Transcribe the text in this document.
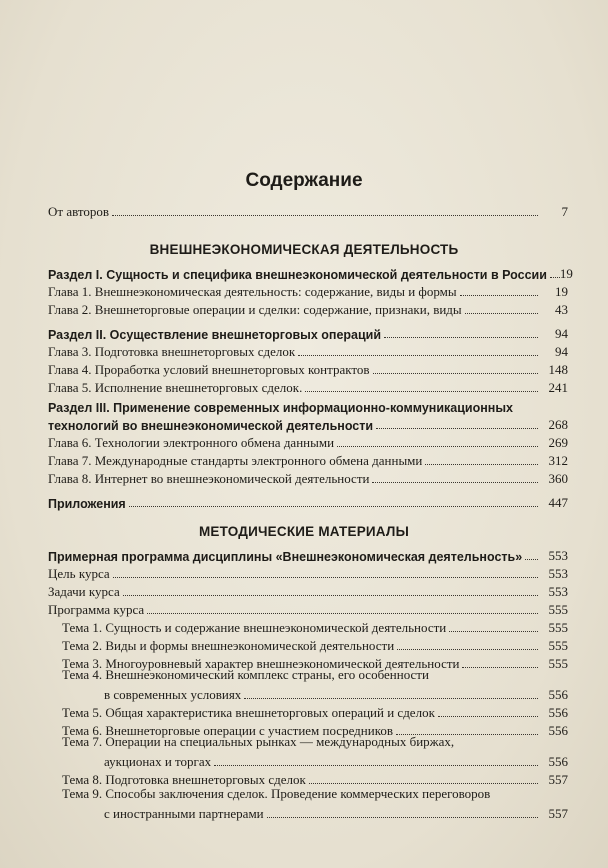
Содержание
От авторов	7
ВНЕШНЕЭКОНОМИЧЕСКАЯ ДЕЯТЕЛЬНОСТЬ
Раздел I. Сущность и специфика внешнеэкономической деятельности в России 19
Глава 1. Внешнеэкономическая деятельность: содержание, виды и формы	19
Глава 2. Внешнеторговые операции и сделки: содержание, признаки, виды	43
Раздел II. Осуществление внешнеторговых операций	94
Глава 3. Подготовка внешнеторговых сделок	94
Глава 4. Проработка условий внешнеторговых контрактов	148
Глава 5. Исполнение внешнеторговых сделок.	241
Раздел III. Применение современных информационно-коммуникационных
технологий во внешнеэкономической деятельности	268
Глава 6. Технологии электронного обмена данными	269
Глава 7. Международные стандарты электронного обмена данными	312
Глава 8. Интернет во внешнеэкономической деятельности	360
Приложения	447
МЕТОДИЧЕСКИЕ МАТЕРИАЛЫ
Примерная программа дисциплины «Внешнеэкономическая деятельность»	553
Цель курса	553
Задачи курса	553
Программа курса	555
Тема 1. Сущность и содержание внешнеэкономической деятельности	555
Тема 2. Виды и формы внешнеэкономической деятельности	555
Тема 3. Многоуровневый характер внешнеэкономической деятельности	555
Тема 4. Внешнеэкономический комплекс страны, его особенности
в современных условиях	556
Тема 5. Общая характеристика внешнеторговых операций и сделок	556
Тема 6. Внешнеторговые операции с участием посредников	556
Тема 7. Операции на специальных рынках — международных биржах,
аукционах и торгах	556
Тема 8. Подготовка внешнеторговых сделок	557
Тема 9. Способы заключения сделок. Проведение коммерческих переговоров
с иностранными партнерами	557
